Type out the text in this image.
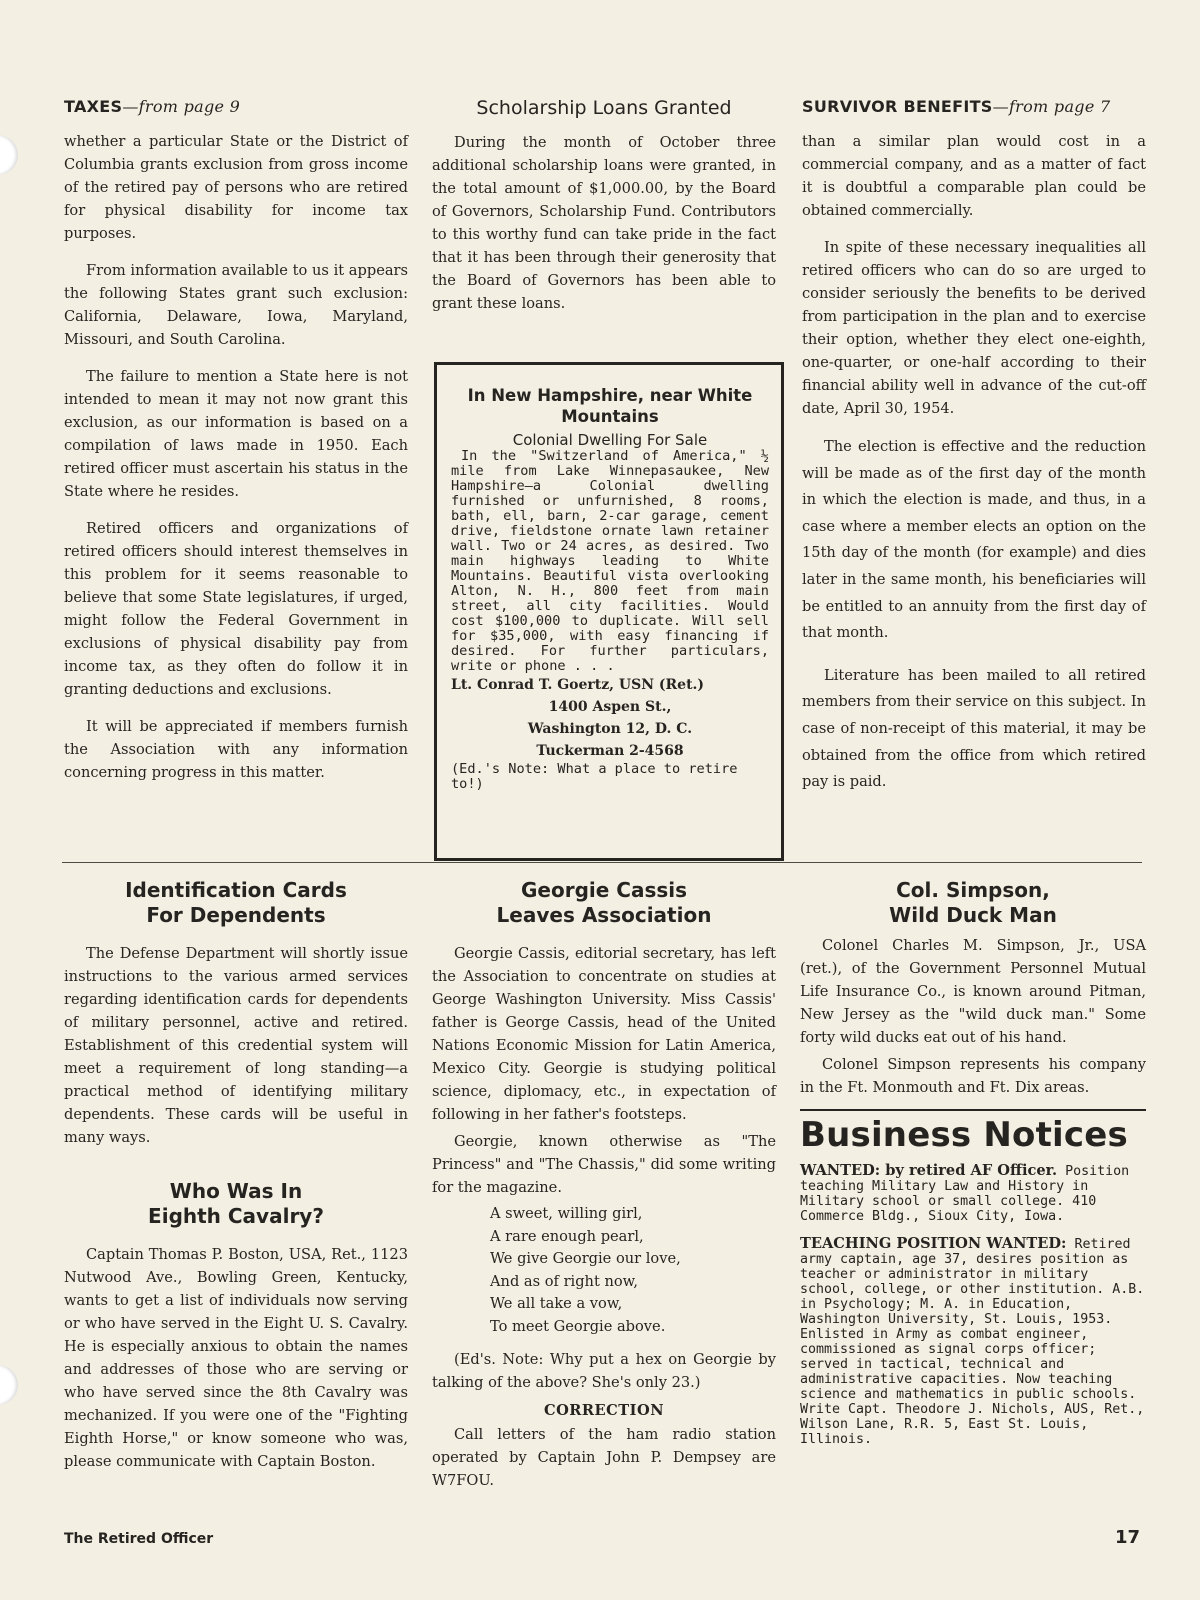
TAXES—from page 9

whether a particular State or the District of Columbia grants exclusion from gross income of the retired pay of persons who are retired for physical disability for income tax purposes.

From information available to us it appears the following States grant such exclusion: California, Delaware, Iowa, Maryland, Missouri, and South Carolina.

The failure to mention a State here is not intended to mean it may not now grant this exclusion, as our information is based on a compilation of laws made in 1950. Each retired officer must ascertain his status in the State where he resides.

Retired officers and organizations of retired officers should interest themselves in this problem for it seems reasonable to believe that some State legislatures, if urged, might follow the Federal Government in exclusions of physical disability pay from income tax, as they often do follow it in granting deductions and exclusions.

It will be appreciated if members furnish the Association with any information concerning progress in this matter.

Scholarship Loans Granted

During the month of October three additional scholarship loans were granted, in the total amount of $1,000.00, by the Board of Governors, Scholarship Fund. Contributors to this worthy fund can take pride in the fact that it has been through their generosity that the Board of Governors has been able to grant these loans.

In New Hampshire, near White Mountains

Colonial Dwelling For Sale

In the "Switzerland of America," ½ mile from Lake Winnepasaukee, New Hampshire—a Colonial dwelling furnished or unfurnished, 8 rooms, bath, ell, barn, 2-car garage, cement drive, fieldstone ornate lawn retainer wall. Two or 24 acres, as desired. Two main highways leading to White Mountains. Beautiful vista overlooking Alton, N. H., 800 feet from main street, all city facilities. Would cost $100,000 to duplicate. Will sell for $35,000, with easy financing if desired. For further particulars, write or phone . . .

Lt. Conrad T. Goertz, USN (Ret.)

1400 Aspen St.,

Washington 12, D. C.

Tuckerman 2-4568

(Ed.'s Note: What a place to retire to!)

SURVIVOR BENEFITS—from page 7

than a similar plan would cost in a commercial company, and as a matter of fact it is doubtful a comparable plan could be obtained commercially.

In spite of these necessary inequalities all retired officers who can do so are urged to consider seriously the benefits to be derived from participation in the plan and to exercise their option, whether they elect one-eighth, one-quarter, or one-half according to their financial ability well in advance of the cut-off date, April 30, 1954.

The election is effective and the reduction will be made as of the first day of the month in which the election is made, and thus, in a case where a member elects an option on the 15th day of the month (for example) and dies later in the same month, his beneficiaries will be entitled to an annuity from the first day of that month.

Literature has been mailed to all retired members from their service on this subject. In case of non-receipt of this material, it may be obtained from the office from which retired pay is paid.

Identification Cards
For Dependents

The Defense Department will shortly issue instructions to the various armed services regarding identification cards for dependents of military personnel, active and retired. Establishment of this credential system will meet a requirement of long standing—a practical method of identifying military dependents. These cards will be useful in many ways.

Who Was In
Eighth Cavalry?

Captain Thomas P. Boston, USA, Ret., 1123 Nutwood Ave., Bowling Green, Kentucky, wants to get a list of individuals now serving or who have served in the Eight U. S. Cavalry. He is especially anxious to obtain the names and addresses of those who are serving or who have served since the 8th Cavalry was mechanized. If you were one of the "Fighting Eighth Horse," or know someone who was, please communicate with Captain Boston.

Georgie Cassis
Leaves Association

Georgie Cassis, editorial secretary, has left the Association to concentrate on studies at George Washington University. Miss Cassis' father is George Cassis, head of the United Nations Economic Mission for Latin America, Mexico City. Georgie is studying political science, diplomacy, etc., in expectation of following in her father's footsteps.

Georgie, known otherwise as "The Princess" and "The Chassis," did some writing for the magazine.

A sweet, willing girl,
A rare enough pearl,
We give Georgie our love,
And as of right now,
We all take a vow,
To meet Georgie above.

(Ed's. Note: Why put a hex on Georgie by talking of the above? She's only 23.)

CORRECTION

Call letters of the ham radio station operated by Captain John P. Dempsey are W7FOU.

Col. Simpson,
Wild Duck Man

Colonel Charles M. Simpson, Jr., USA (ret.), of the Government Personnel Mutual Life Insurance Co., is known around Pitman, New Jersey as the "wild duck man." Some forty wild ducks eat out of his hand.

Colonel Simpson represents his company in the Ft. Monmouth and Ft. Dix areas.

Business Notices

WANTED: by retired AF Officer. Position teaching Military Law and History in Military school or small college. 410 Commerce Bldg., Sioux City, Iowa.

TEACHING POSITION WANTED: Retired army captain, age 37, desires position as teacher or administrator in military school, college, or other institution. A.B. in Psychology; M. A. in Education, Washington University, St. Louis, 1953. Enlisted in Army as combat engineer, commissioned as signal corps officer; served in tactical, technical and administrative capacities. Now teaching science and mathematics in public schools. Write Capt. Theodore J. Nichols, AUS, Ret., Wilson Lane, R.R. 5, East St. Louis, Illinois.

The Retired Officer	17
